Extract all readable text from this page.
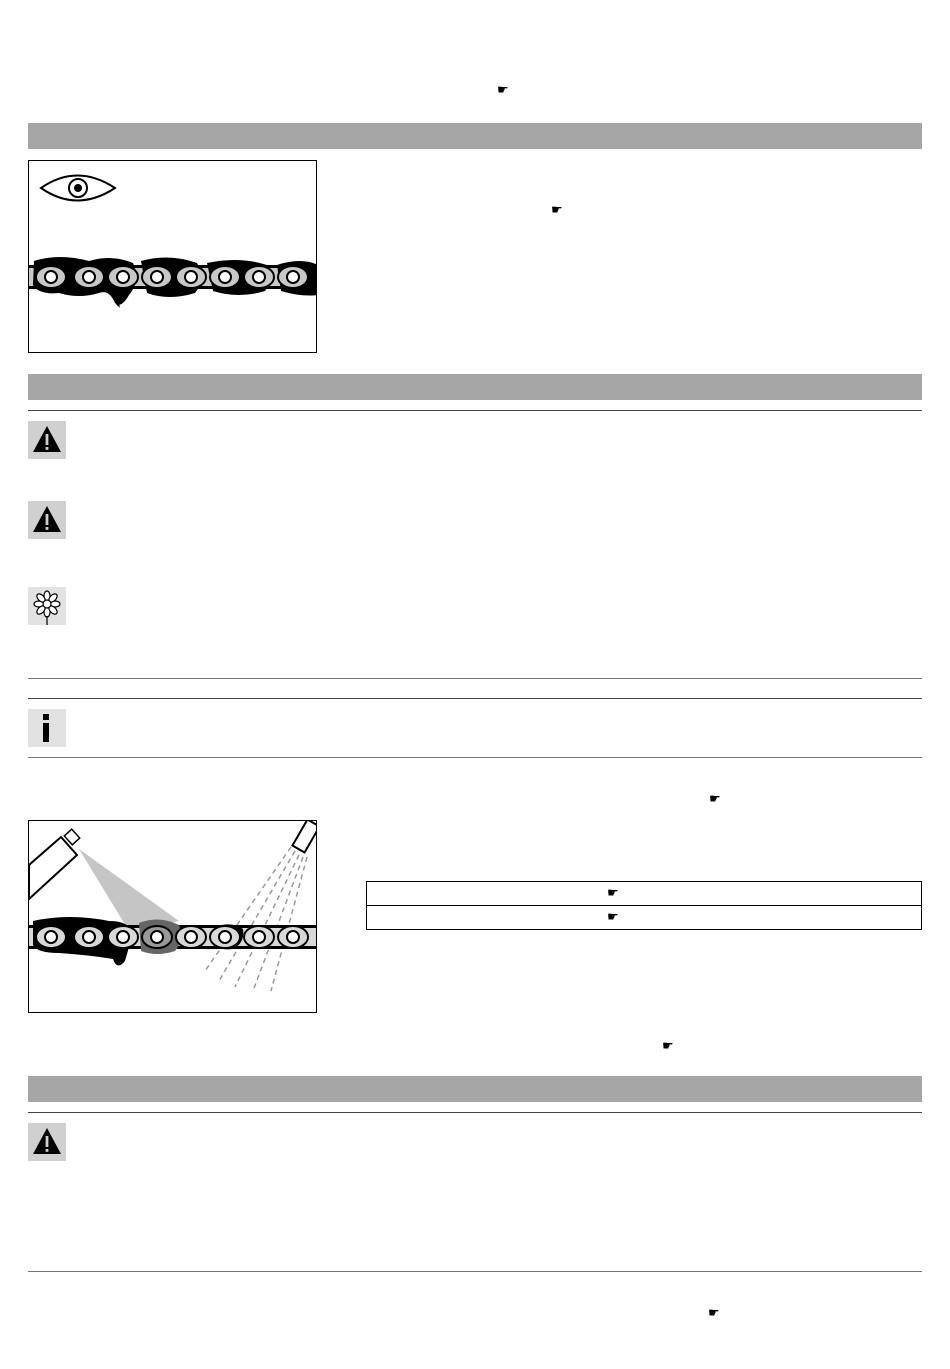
☛
☛
☛
☛

☛
☛
☛
